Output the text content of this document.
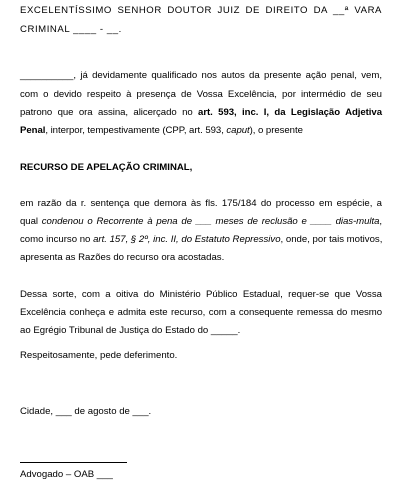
EXCELENTÍSSIMO SENHOR DOUTOR JUIZ DE DIREITO DA __ª VARA
CRIMINAL ____ - __.
__________, já devidamente qualificado nos autos da presente ação penal, vem,
com o devido respeito à presença de Vossa Excelência, por intermédio de seu
patrono que ora assina, alicerçado no art. 593, inc. I, da Legislação Adjetiva
Penal, interpor, tempestivamente (CPP, art. 593, caput), o presente
RECURSO DE APELAÇÃO CRIMINAL,
em razão da r. sentença que demora às fls. 175/184 do processo em espécie, a
qual condenou o Recorrente à pena de ___ meses de reclusão e ____ dias-multa,
como incurso no art. 157, § 2º, inc. II, do Estatuto Repressivo, onde, por tais motivos,
apresenta as Razões do recurso ora acostadas.
Dessa sorte, com a oitiva do Ministério Público Estadual, requer-se que Vossa
Excelência conheça e admita este recurso, com a consequente remessa do mesmo
ao Egrégio Tribunal de Justiça do Estado do _____.
Respeitosamente, pede deferimento.
Cidade, ___ de agosto de ___.
Advogado – OAB ___
